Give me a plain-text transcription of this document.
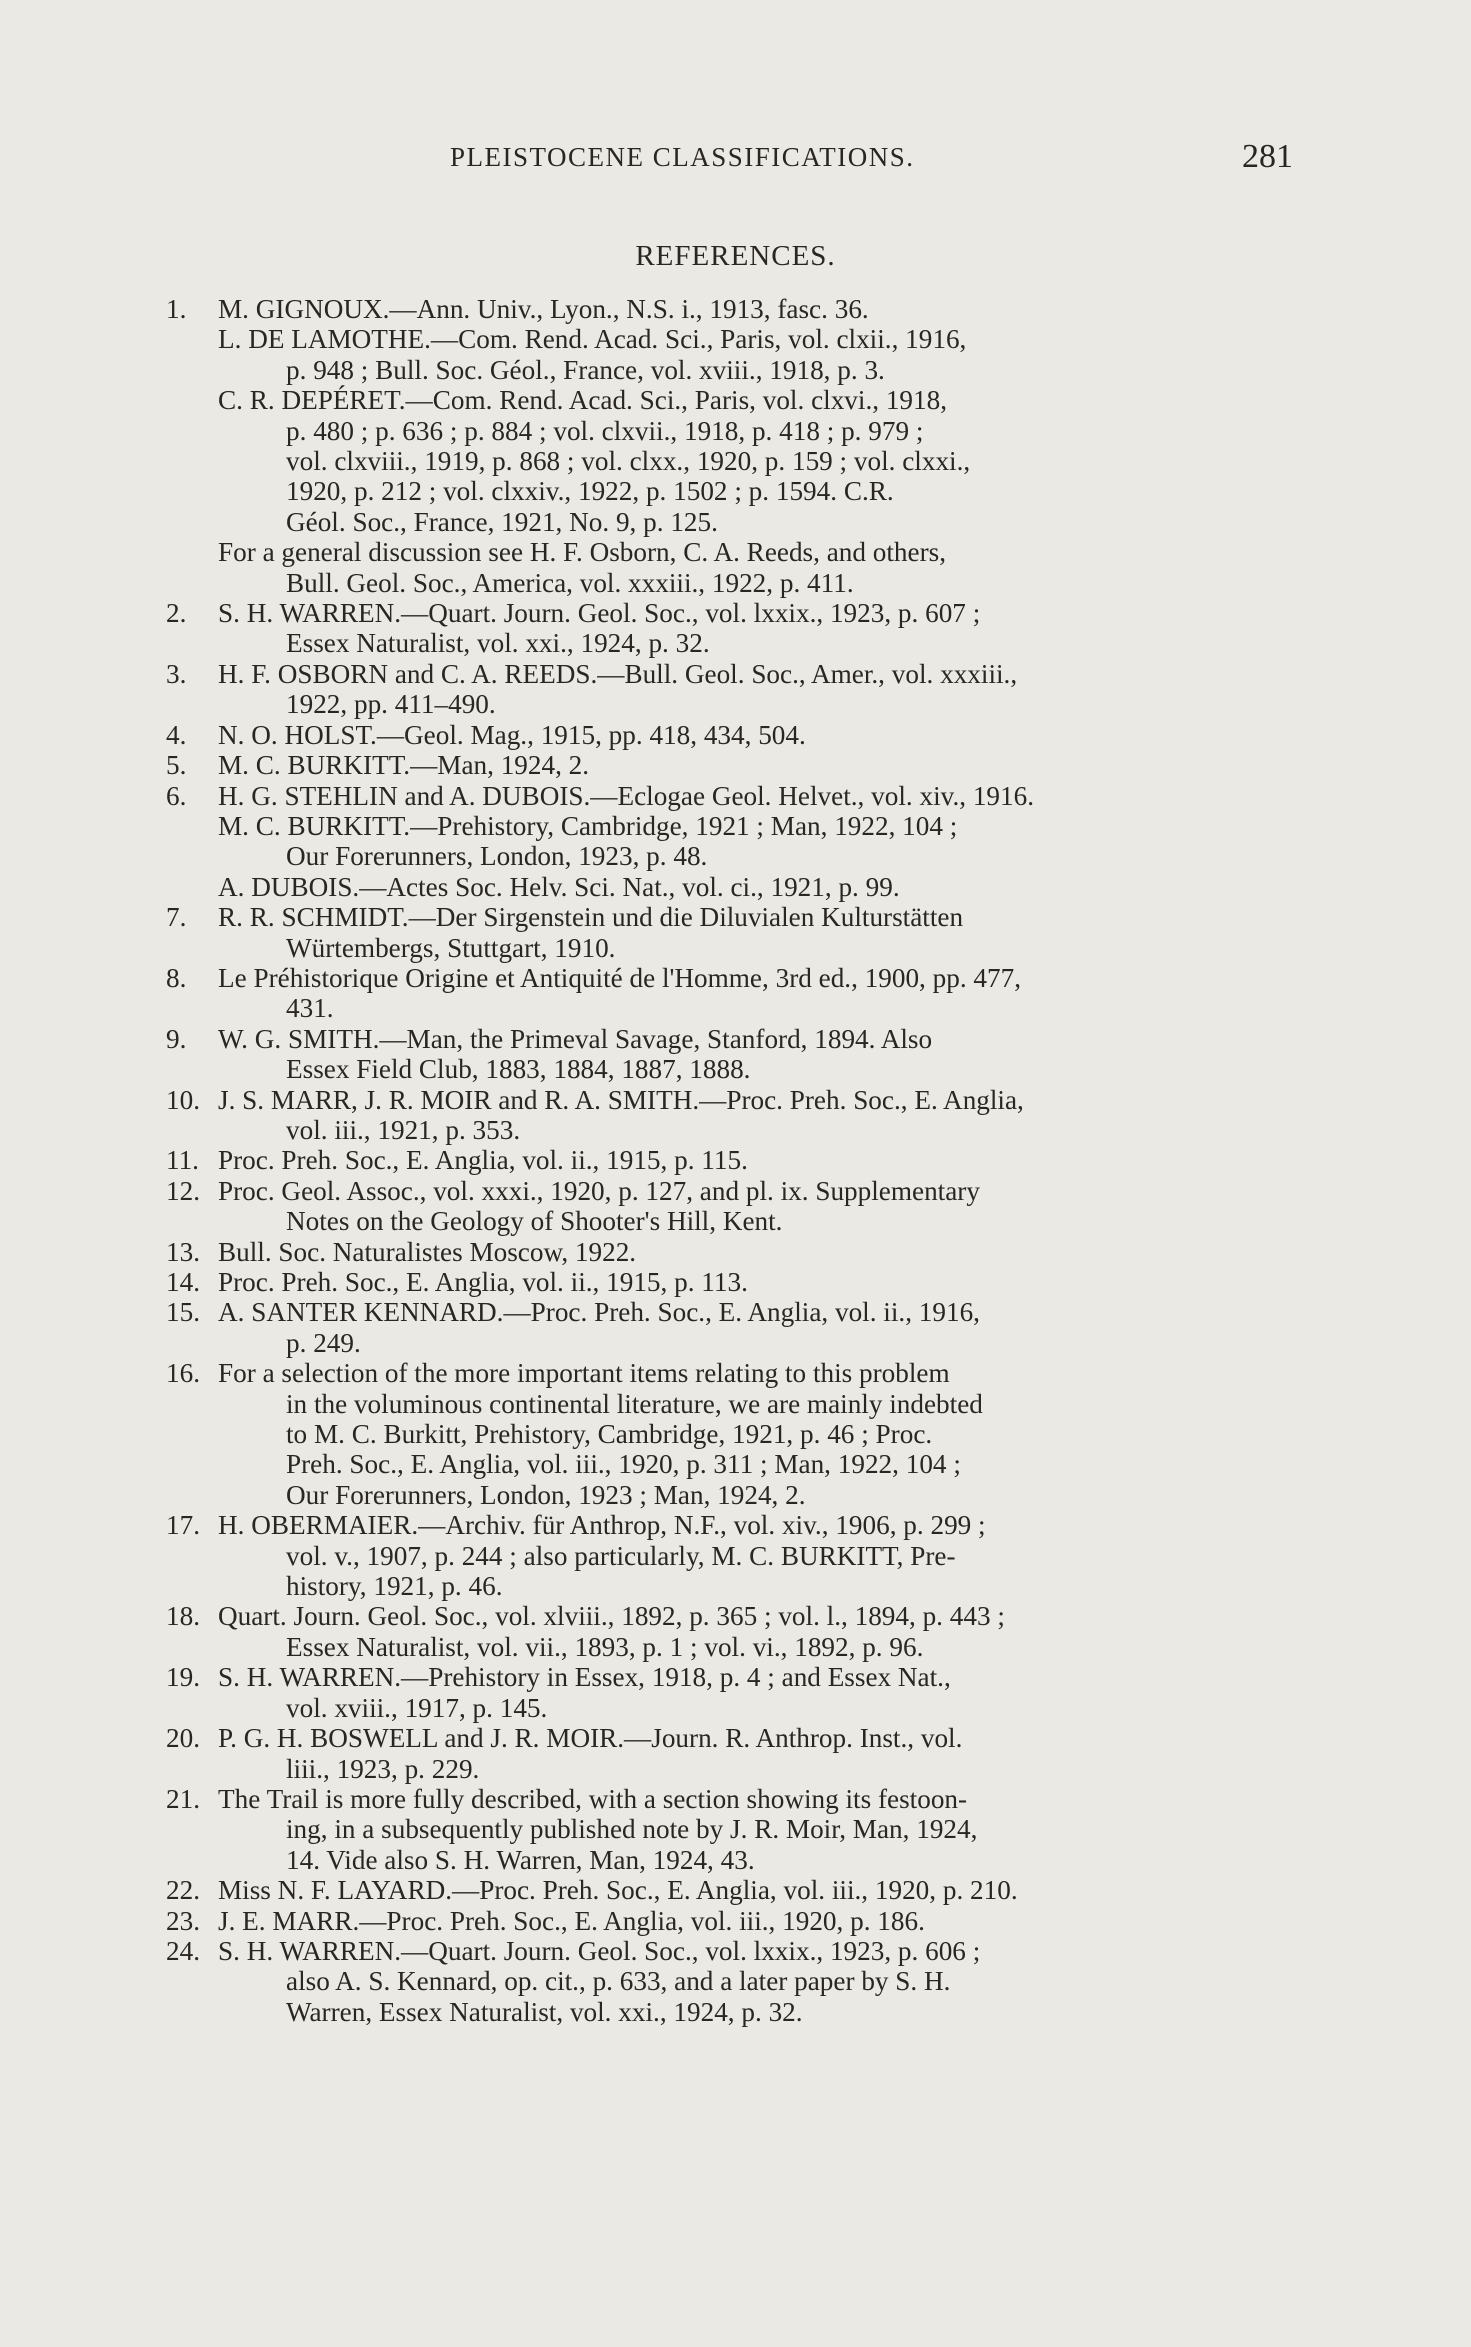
PLEISTOCENE CLASSIFICATIONS.	281
REFERENCES.
1.	M. GIGNOUX.—Ann. Univ., Lyon., N.S. i., 1913, fasc. 36.
L. DE LAMOTHE.—Com. Rend. Acad. Sci., Paris, vol. clxii., 1916,
p. 948 ; Bull. Soc. Géol., France, vol. xviii., 1918, p. 3.
C. R. DEPÉRET.—Com. Rend. Acad. Sci., Paris, vol. clxvi., 1918,
p. 480 ; p. 636 ; p. 884 ; vol. clxvii., 1918, p. 418 ; p. 979 ;
vol. clxviii., 1919, p. 868 ; vol. clxx., 1920, p. 159 ; vol. clxxi.,
1920, p. 212 ; vol. clxxiv., 1922, p. 1502 ; p. 1594. C.R.
Géol. Soc., France, 1921, No. 9, p. 125.
For a general discussion see H. F. Osborn, C. A. Reeds, and others,
Bull. Geol. Soc., America, vol. xxxiii., 1922, p. 411.
2.	S. H. WARREN.—Quart. Journ. Geol. Soc., vol. lxxix., 1923, p. 607 ;
Essex Naturalist, vol. xxi., 1924, p. 32.
3.	H. F. OSBORN and C. A. REEDS.—Bull. Geol. Soc., Amer., vol. xxxiii.,
1922, pp. 411–490.
4.	N. O. HOLST.—Geol. Mag., 1915, pp. 418, 434, 504.
5.	M. C. BURKITT.—Man, 1924, 2.
6.	H. G. STEHLIN and A. DUBOIS.—Eclogae Geol. Helvet., vol. xiv., 1916.
M. C. BURKITT.—Prehistory, Cambridge, 1921 ; Man, 1922, 104 ;
Our Forerunners, London, 1923, p. 48.
A. DUBOIS.—Actes Soc. Helv. Sci. Nat., vol. ci., 1921, p. 99.
7.	R. R. SCHMIDT.—Der Sirgenstein und die Diluvialen Kulturstätten
Würtembergs, Stuttgart, 1910.
8.	Le Préhistorique Origine et Antiquité de l'Homme, 3rd ed., 1900, pp. 477,
431.
9.	W. G. SMITH.—Man, the Primeval Savage, Stanford, 1894. Also
Essex Field Club, 1883, 1884, 1887, 1888.
10. J. S. MARR, J. R. MOIR and R. A. SMITH.—Proc. Preh. Soc., E. Anglia,
vol. iii., 1921, p. 353.
11. Proc. Preh. Soc., E. Anglia, vol. ii., 1915, p. 115.
12. Proc. Geol. Assoc., vol. xxxi., 1920, p. 127, and pl. ix. Supplementary
Notes on the Geology of Shooter's Hill, Kent.
13. Bull. Soc. Naturalistes Moscow, 1922.
14. Proc. Preh. Soc., E. Anglia, vol. ii., 1915, p. 113.
15. A. SANTER KENNARD.—Proc. Preh. Soc., E. Anglia, vol. ii., 1916,
p. 249.
16. For a selection of the more important items relating to this problem
in the voluminous continental literature, we are mainly indebted
to M. C. Burkitt, Prehistory, Cambridge, 1921, p. 46 ; Proc.
Preh. Soc., E. Anglia, vol. iii., 1920, p. 311 ; Man, 1922, 104 ;
Our Forerunners, London, 1923 ; Man, 1924, 2.
17. H. OBERMAIER.—Archiv. für Anthrop, N.F., vol. xiv., 1906, p. 299 ;
vol. v., 1907, p. 244 ; also particularly, M. C. BURKITT, Pre-
history, 1921, p. 46.
18. Quart. Journ. Geol. Soc., vol. xlviii., 1892, p. 365 ; vol. l., 1894, p. 443 ;
Essex Naturalist, vol. vii., 1893, p. 1 ; vol. vi., 1892, p. 96.
19. S. H. WARREN.—Prehistory in Essex, 1918, p. 4 ; and Essex Nat.,
vol. xviii., 1917, p. 145.
20. P. G. H. BOSWELL and J. R. MOIR.—Journ. R. Anthrop. Inst., vol.
liii., 1923, p. 229.
21. The Trail is more fully described, with a section showing its festoon-
ing, in a subsequently published note by J. R. Moir, Man, 1924,
14. Vide also S. H. Warren, Man, 1924, 43.
22. Miss N. F. LAYARD.—Proc. Preh. Soc., E. Anglia, vol. iii., 1920, p. 210.
23. J. E. MARR.—Proc. Preh. Soc., E. Anglia, vol. iii., 1920, p. 186.
24. S. H. WARREN.—Quart. Journ. Geol. Soc., vol. lxxix., 1923, p. 606 ;
also A. S. Kennard, op. cit., p. 633, and a later paper by S. H.
Warren, Essex Naturalist, vol. xxi., 1924, p. 32.
